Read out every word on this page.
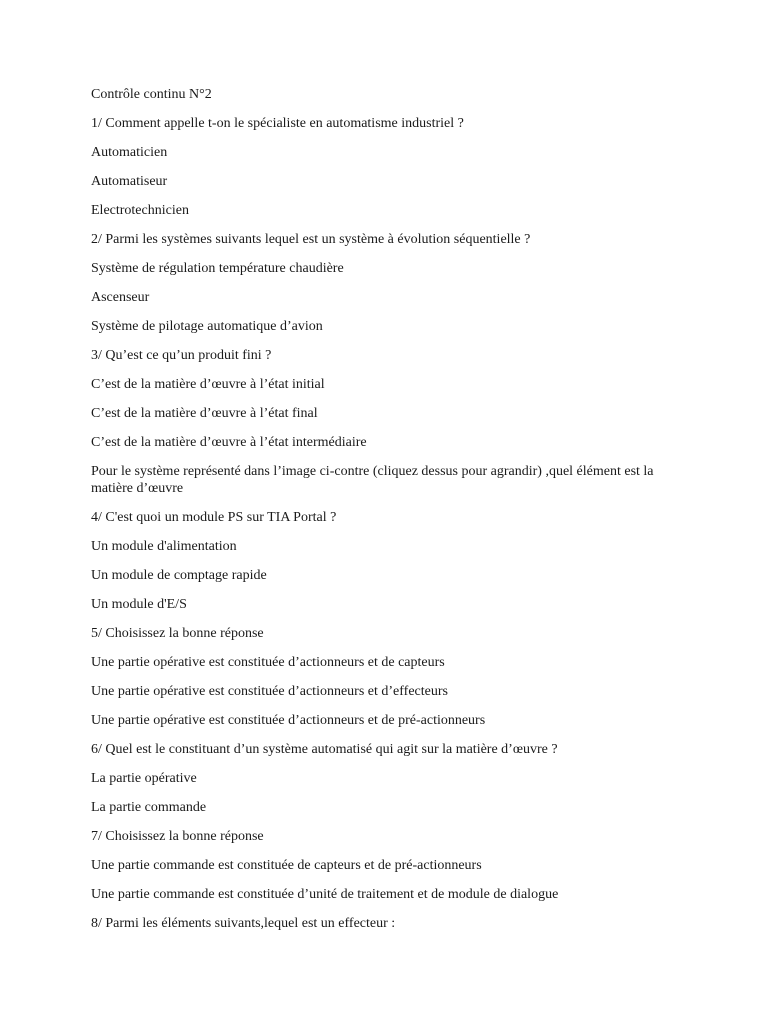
Contrôle continu N°2
1/ Comment appelle t-on le spécialiste en automatisme industriel ?
Automaticien
Automatiseur
Electrotechnicien
2/ Parmi les systèmes suivants lequel est un système à évolution séquentielle ?
Système de régulation température chaudière
Ascenseur
Système de pilotage automatique d’avion
3/ Qu’est ce qu’un produit fini ?
C’est de la matière d’œuvre à l’état initial
C’est de la matière d’œuvre à l’état final
C’est de la matière d’œuvre à l’état intermédiaire
Pour le système représenté dans l’image ci-contre (cliquez dessus pour agrandir) ,quel élément est la matière d’œuvre
4/ C'est quoi un module PS sur TIA Portal ?
Un module d'alimentation
Un module de comptage rapide
Un module d'E/S
5/ Choisissez la bonne réponse
Une partie opérative est constituée d’actionneurs et de capteurs
Une partie opérative est constituée d’actionneurs et d’effecteurs
Une partie opérative est constituée d’actionneurs et de pré-actionneurs
6/ Quel est le constituant d’un système automatisé qui agit sur la matière d’œuvre ?
La partie opérative
La partie commande
7/ Choisissez la bonne réponse
Une partie commande est constituée de capteurs et de pré-actionneurs
Une partie commande est constituée d’unité de traitement et de module de dialogue
8/ Parmi les éléments suivants,lequel est un effecteur :
